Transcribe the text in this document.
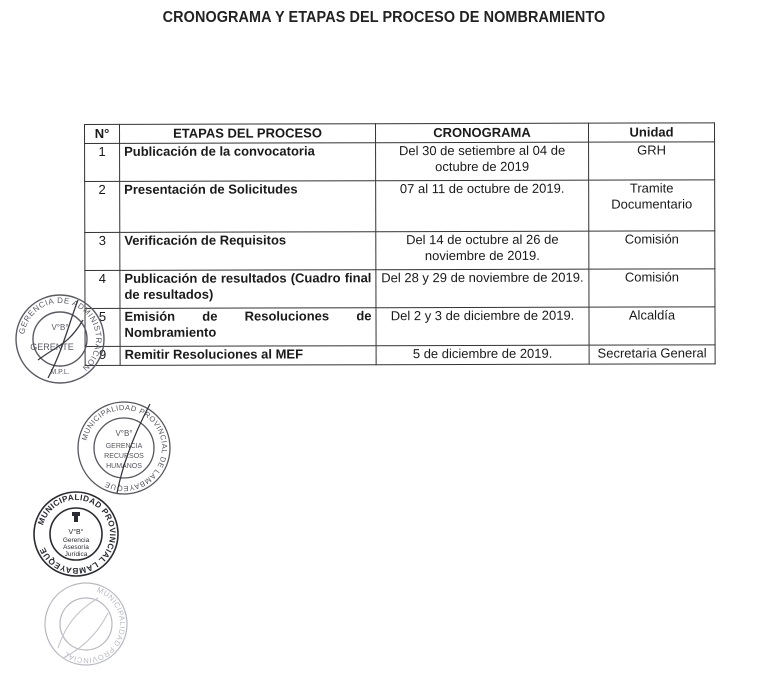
CRONOGRAMA Y ETAPAS DEL PROCESO DE NOMBRAMIENTO
N°	ETAPAS DEL PROCESO	CRONOGRAMA	Unidad
1	Publicación de la convocatoria	Del 30 de setiembre al 04 de octubre de 2019	GRH
2	Presentación de Solicitudes	07 al 11 de octubre de 2019.	Tramite Documentario
3	Verificación de Requisitos	Del 14 de octubre al 26 de noviembre de 2019.	Comisión
4	Publicación de resultados (Cuadro final de resultados)	Del 28 y 29 de noviembre de 2019.	Comisión
5	Emisión de Resoluciones de Nombramiento	Del 2 y 3 de diciembre de 2019.	Alcaldía
9	Remitir Resoluciones al MEF	5 de diciembre de 2019.	Secretaria General
GERENCIA DE ADMINISTRACION
V°B°
GERENTE
M.P.L.
MUNICIPALIDAD PROVINCIAL DE LAMBAYEQUE
V°B°
GERENCIA
RECURSOS
HUMANOS
MUNICIPALIDAD PROVINCIAL LAMBAYEQUE
V°B°
Gerencia
Asesoría
Jurídica
MUNICIPALIDAD PROVINCIAL
